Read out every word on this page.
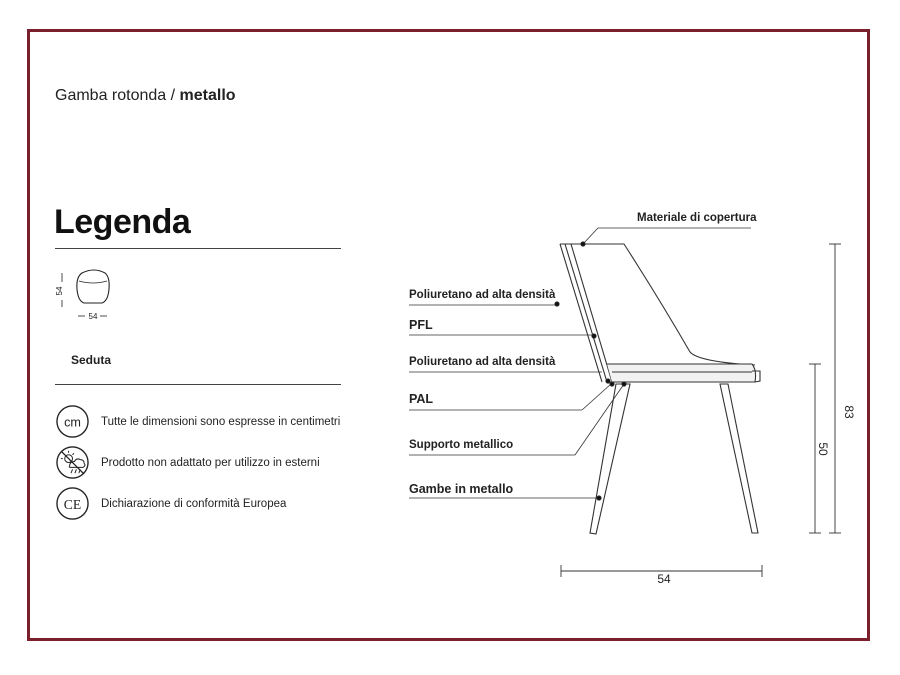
Gamba rotonda / metallo
Legenda
54
54
Seduta
cm Tutte le dimensioni sono espresse in centimetri
Prodotto non adattato per utilizzo in esterni
CE Dichiarazione di conformità Europea
83
50
54
Materiale di copertura
Poliuretano ad alta densità
PFL
Poliuretano ad alta densità
PAL
Supporto metallico
Gambe in metallo
